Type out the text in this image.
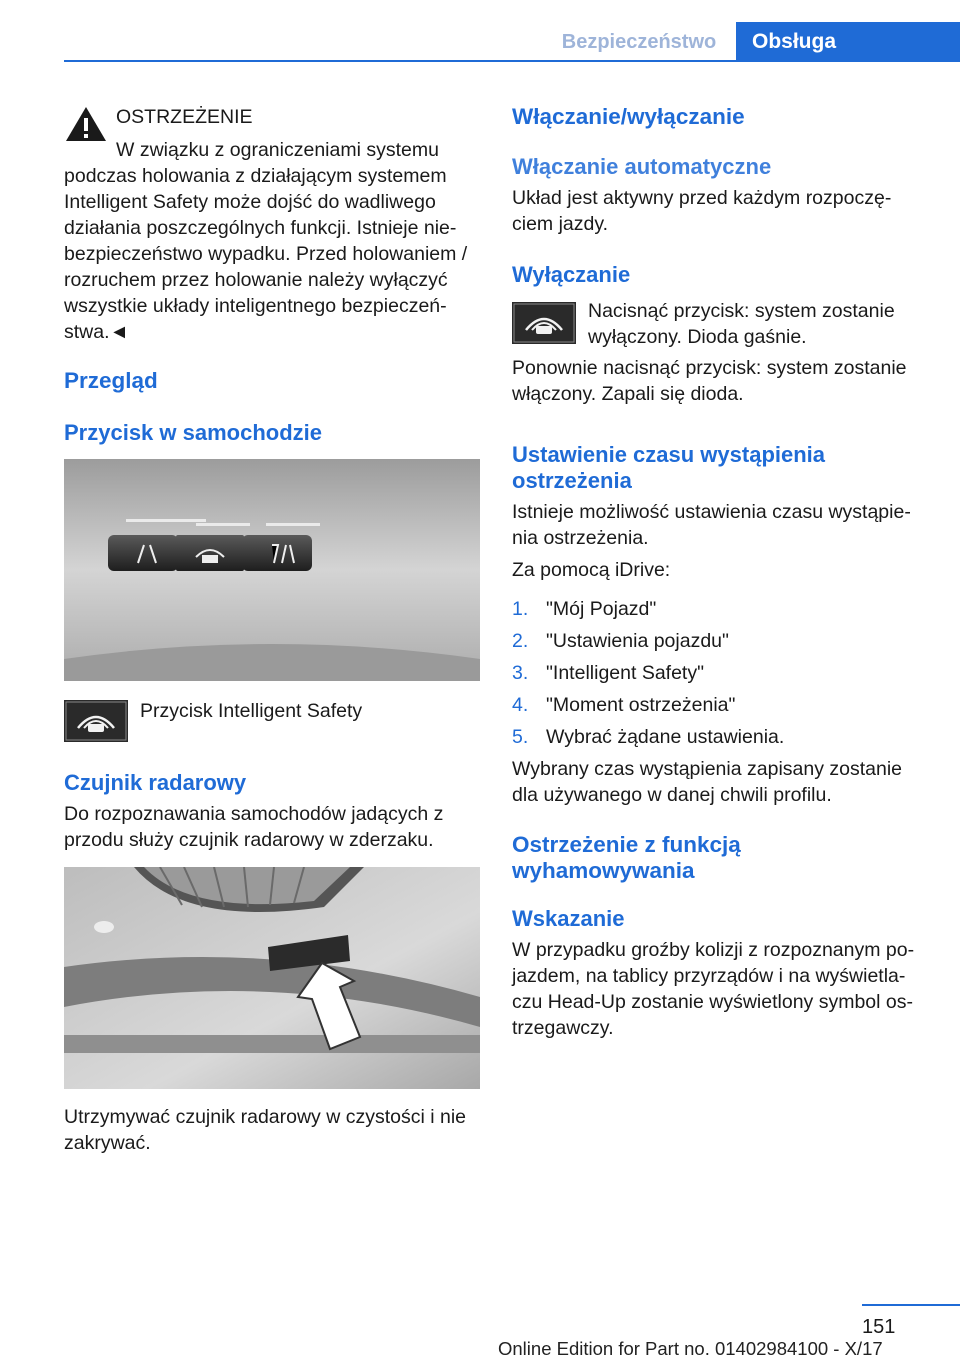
Bezpieczeństwo	Obsługa

OSTRZEŻENIE

W związku z ograniczeniami systemu

podczas holowania z działającym systemem Intelligent Safety może dojść do wadliwego działania poszczególnych funkcji. Istnieje nie-bezpieczeństwo wypadku. Przed holowaniem / rozruchem przez holowanie należy wyłączyć wszystkie układy inteligentnego bezpieczeń-stwa.◄

Przegląd
Przycisk w samochodzie

Przycisk Intelligent Safety

Czujnik radarowy

Do rozpoznawania samochodów jadących z przodu służy czujnik radarowy w zderzaku.

Utrzymywać czujnik radarowy w czystości i nie zakrywać.

Włączanie/wyłączanie
Włączanie automatyczne

Układ jest aktywny przed każdym rozpoczę-ciem jazdy.

Wyłączanie

Nacisnąć przycisk: system zostanie wyłączony. Dioda gaśnie.

Ponownie nacisnąć przycisk: system zostanie włączony. Zapali się dioda.

Ustawienie czasu wystąpienia ostrzeżenia

Istnieje możliwość ustawienia czasu wystąpie-nia ostrzeżenia.

Za pomocą iDrive:

1. "Mój Pojazd"
2. "Ustawienia pojazdu"
3. "Intelligent Safety"
4. "Moment ostrzeżenia"
5. Wybrać żądane ustawienia.

Wybrany czas wystąpienia zapisany zostanie dla używanego w danej chwili profilu.

Ostrzeżenie z funkcją wyhamowywania
Wskazanie

W przypadku groźby kolizji z rozpoznanym po-jazdem, na tablicy przyrządów i na wyświetla-czu Head-Up zostanie wyświetlony symbol os-trzegawczy.

151
Online Edition for Part no. 01402984100 - X/17
